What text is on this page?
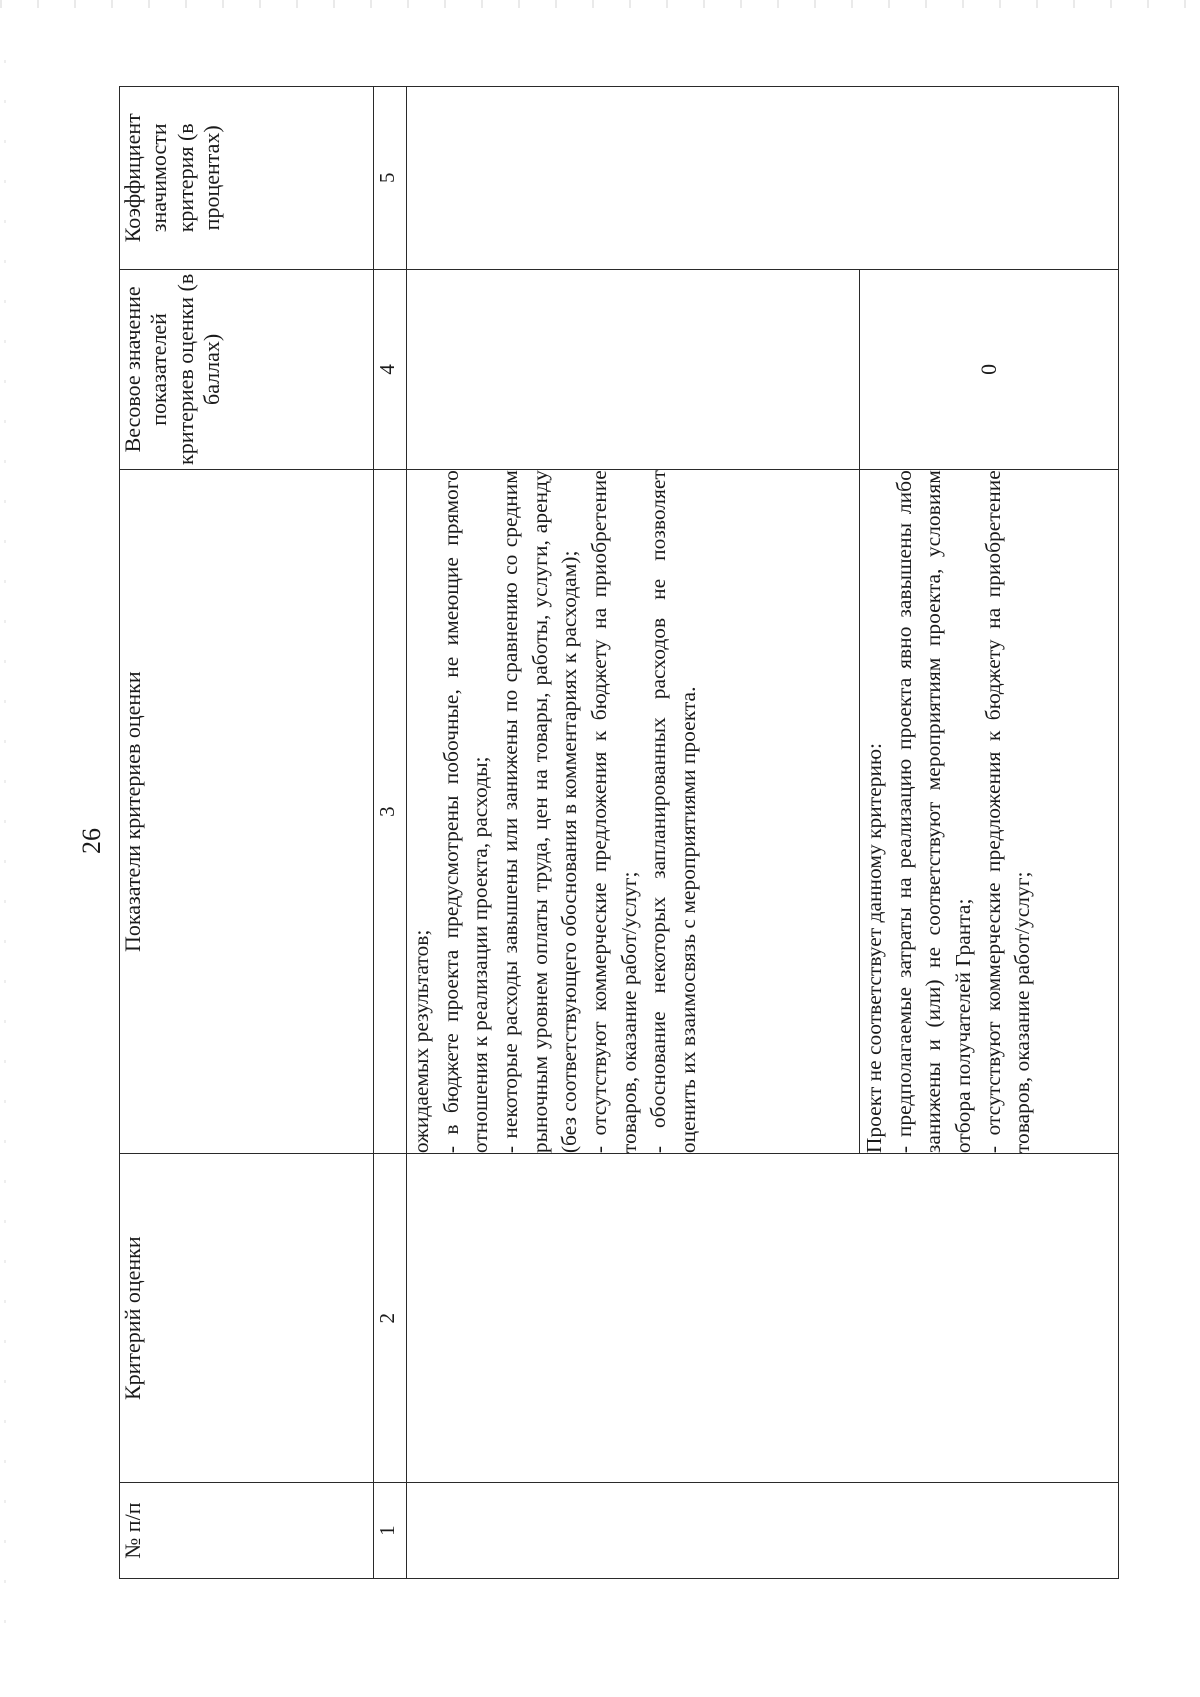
26
№ п/п	Критерий оценки	Показатели критериев оценки	Весовое значение показателей критериев оценки (в баллах)	Коэффициент значимости критерия (в процентах)
1	2	3	4	5

		ожидаемых результатов; - в бюджете проекта предусмотрены побочные, не имеющие прямого отношения к реализации проекта, расходы; - некоторые расходы завышены или занижены по сравнению со средним рыночным уровнем оплаты труда, цен на товары, работы, услуги, аренду (без соответствующего обоснования в комментариях к расходам); - отсутствуют коммерческие предложения к бюджету на приобретение товаров, оказание работ/услуг; - обоснование некоторых запланированных расходов не позволяет оценить их взаимосвязь с мероприятиями проекта.		

		Проект не соответствует данному критерию: - предполагаемые затраты на реализацию проекта явно завышены либо занижены и (или) не соответствуют мероприятиям проекта, условиям отбора получателей Гранта; - отсутствуют коммерческие предложения к бюджету на приобретение товаров, оказание работ/услуг;	0	
